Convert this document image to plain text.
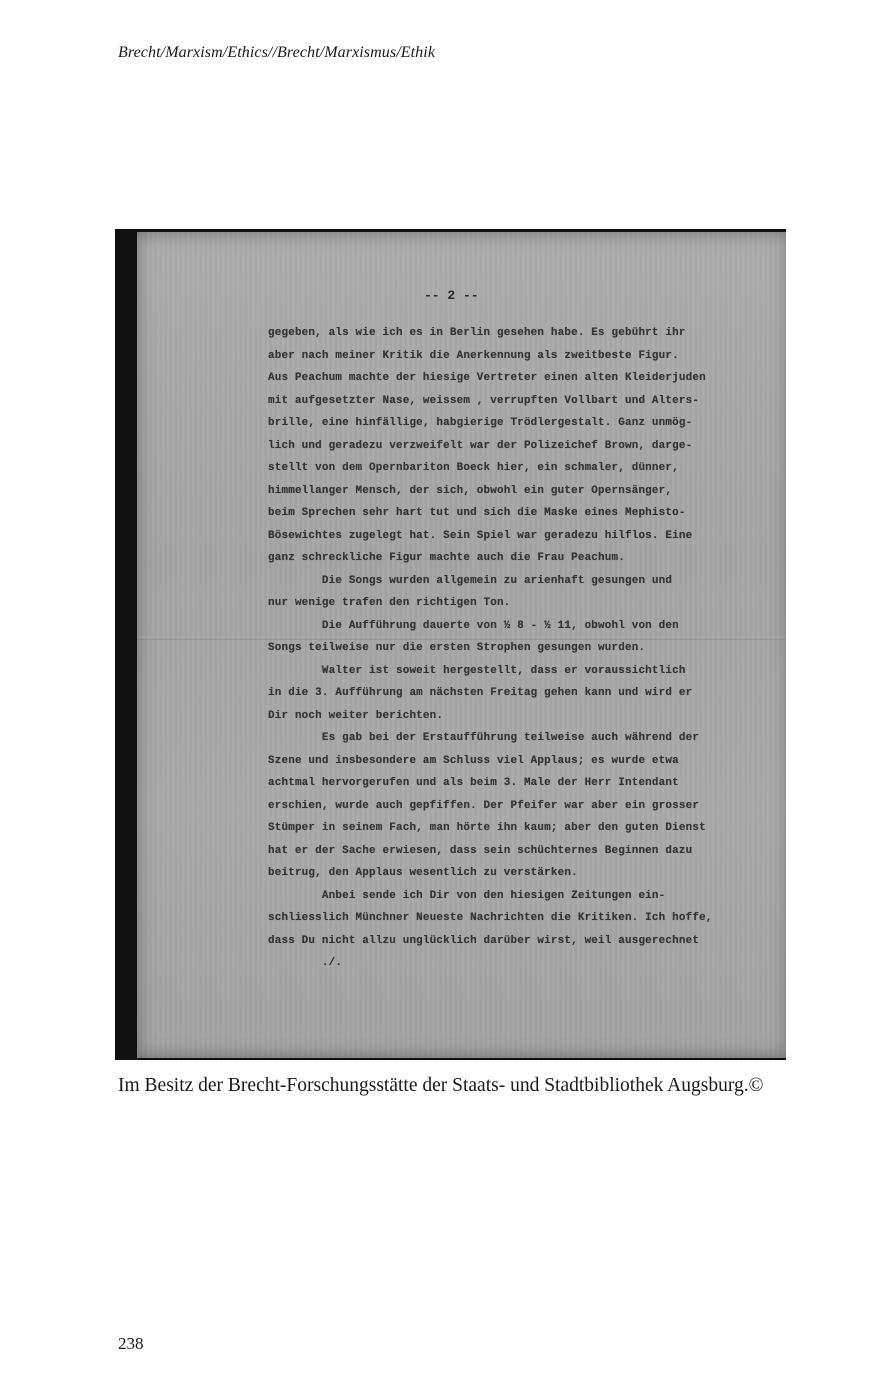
Brecht/Marxism/Ethics//Brecht/Marxismus/Ethik
-- 2 --
gegeben, als wie ich es in Berlin gesehen habe. Es gebührt ihr
aber nach meiner Kritik die Anerkennung als zweitbeste Figur.
Aus Peachum machte der hiesige Vertreter einen alten Kleiderjuden
mit aufgesetzter Nase, weissem , verrupften Vollbart und Alters-
brille, eine hinfällige, habgierige Trödlergestalt. Ganz unmög-
lich und geradezu verzweifelt war der Polizeichef Brown, darge-
stellt von dem Opernbariton Boeck hier, ein schmaler, dünner,
himmellanger Mensch, der sich, obwohl ein guter Opernsänger,
beim Sprechen sehr hart tut und sich die Maske eines Mephisto-
Bösewichtes zugelegt hat. Sein Spiel war geradezu hilflos. Eine
ganz schreckliche Figur machte auch die Frau Peachum.
Die Songs wurden allgemein zu arienhaft gesungen und
nur wenige trafen den richtigen Ton.
Die Aufführung dauerte von ½ 8 - ½ 11, obwohl von den
Songs teilweise nur die ersten Strophen gesungen wurden.
Walter ist soweit hergestellt, dass er voraussichtlich
in die 3. Aufführung am nächsten Freitag gehen kann und wird er
Dir noch weiter berichten.
Es gab bei der Erstaufführung teilweise auch während der
Szene und insbesondere am Schluss viel Applaus; es wurde etwa
achtmal hervorgerufen und als beim 3. Male der Herr Intendant
erschien, wurde auch gepfiffen. Der Pfeifer war aber ein grosser
Stümper in seinem Fach, man hörte ihn kaum; aber den guten Dienst
hat er der Sache erwiesen, dass sein schüchternes Beginnen dazu
beitrug, den Applaus wesentlich zu verstärken.
Anbei sende ich Dir von den hiesigen Zeitungen ein-
schliesslich Münchner Neueste Nachrichten die Kritiken. Ich hoffe,
dass Du nicht allzu unglücklich darüber wirst, weil ausgerechnet
./.
Im Besitz der Brecht-Forschungsstätte der Staats- und Stadtbibliothek Augsburg.©
238
